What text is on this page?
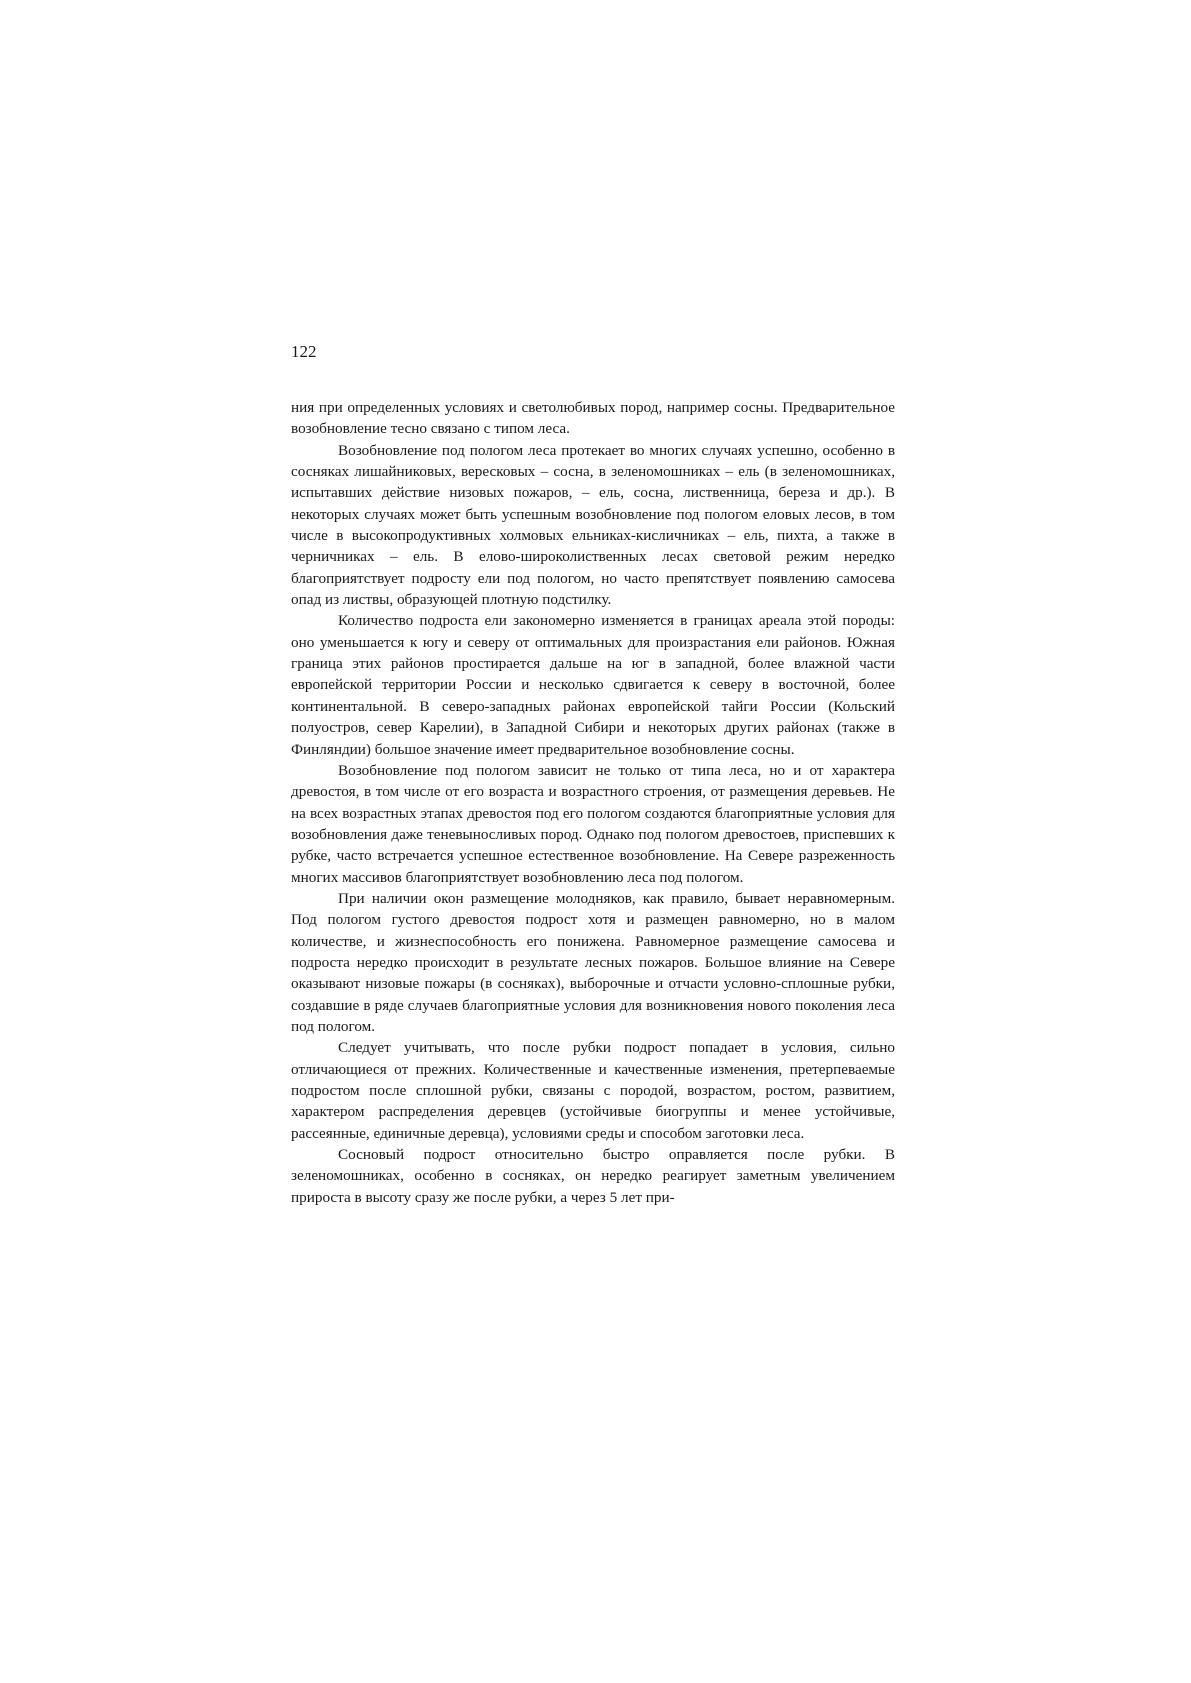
122

ния при определенных условиях и светолюбивых пород, например сосны. Предварительное возобновление тесно связано с типом леса.

Возобновление под пологом леса протекает во многих случаях успешно, особенно в сосняках лишайниковых, вересковых – сосна, в зеленомошниках – ель (в зеленомошниках, испытавших действие низовых пожаров, – ель, сосна, лиственница, береза и др.). В некоторых случаях может быть успешным возобновление под пологом еловых лесов, в том числе в высокопродуктивных холмовых ельниках-кисличниках – ель, пихта, а также в черничниках – ель. В елово-широколиственных лесах световой режим нередко благоприятствует подросту ели под пологом, но часто препятствует появлению самосева опад из листвы, образующей плотную подстилку.

Количество подроста ели закономерно изменяется в границах ареала этой породы: оно уменьшается к югу и северу от оптимальных для произрастания ели районов. Южная граница этих районов простирается дальше на юг в западной, более влажной части европейской территории России и несколько сдвигается к северу в восточной, более континентальной. В северо-западных районах европейской тайги России (Кольский полуостров, север Карелии), в Западной Сибири и некоторых других районах (также в Финляндии) большое значение имеет предварительное возобновление сосны.

Возобновление под пологом зависит не только от типа леса, но и от характера древостоя, в том числе от его возраста и возрастного строения, от размещения деревьев. Не на всех возрастных этапах древостоя под его пологом создаются благоприятные условия для возобновления даже теневыносливых пород. Однако под пологом древостоев, приспевших к рубке, часто встречается успешное естественное возобновление. На Севере разреженность многих массивов благоприятствует возобновлению леса под пологом.

При наличии окон размещение молодняков, как правило, бывает неравномерным. Под пологом густого древостоя подрост хотя и размещен равномерно, но в малом количестве, и жизнеспособность его понижена. Равномерное размещение самосева и подроста нередко происходит в результате лесных пожаров. Большое влияние на Севере оказывают низовые пожары (в сосняках), выборочные и отчасти условно-сплошные рубки, создавшие в ряде случаев благоприятные условия для возникновения нового поколения леса под пологом.

Следует учитывать, что после рубки подрост попадает в условия, сильно отличающиеся от прежних. Количественные и качественные изменения, претерпеваемые подростом после сплошной рубки, связаны с породой, возрастом, ростом, развитием, характером распределения деревцев (устойчивые биогруппы и менее устойчивые, рассеянные, единичные деревца), условиями среды и способом заготовки леса.

Сосновый подрост относительно быстро оправляется после рубки. В зеленомошниках, особенно в сосняках, он нередко реагирует заметным увеличением прироста в высоту сразу же после рубки, а через 5 лет при-
